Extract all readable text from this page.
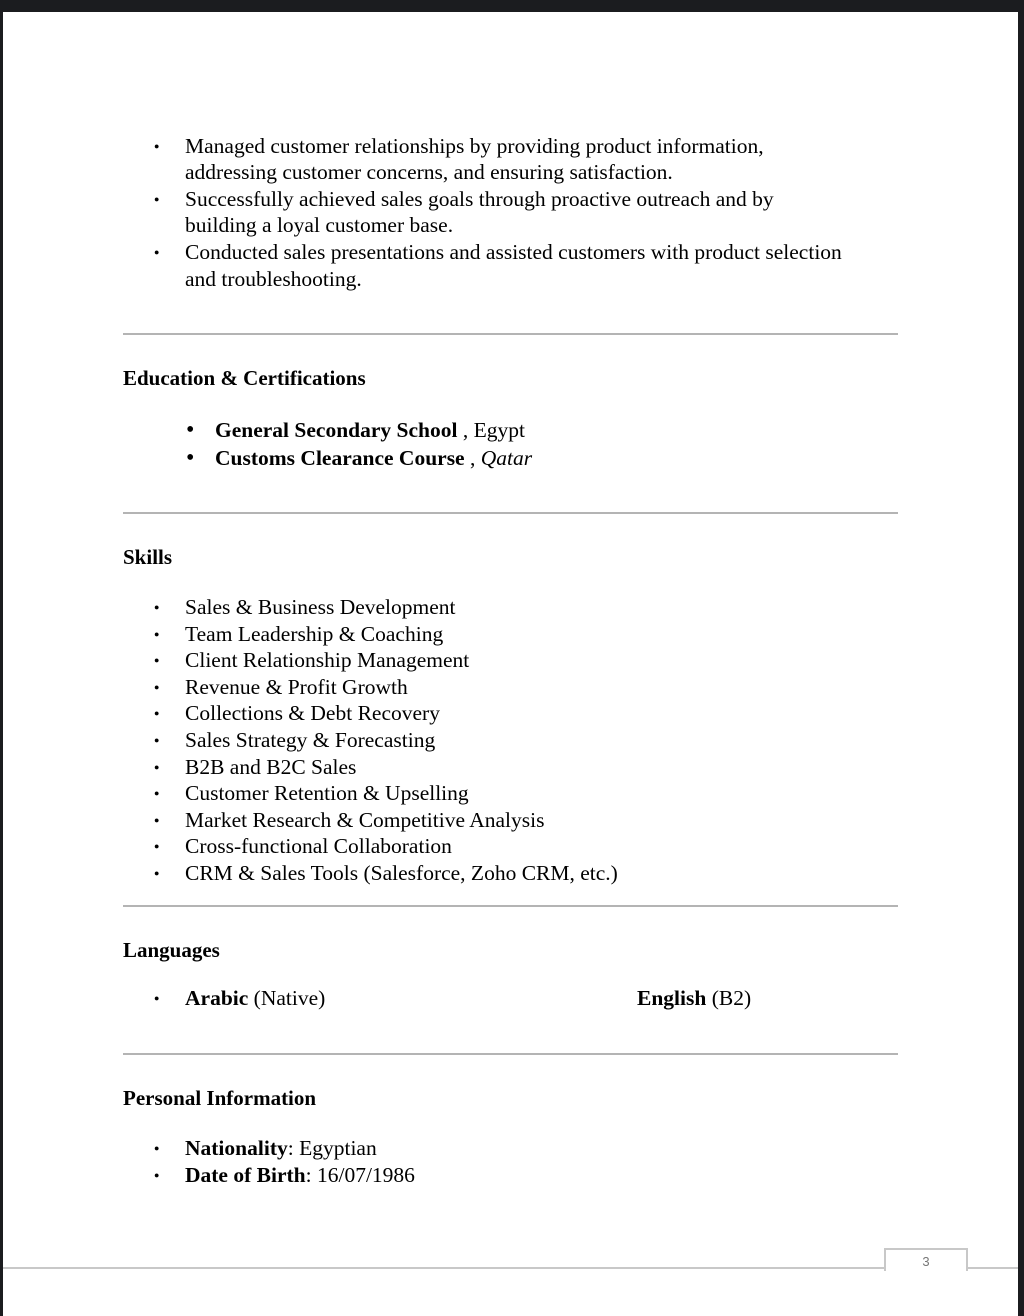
● Managed customer relationships by providing product information,
addressing customer concerns, and ensuring satisfaction.
● Successfully achieved sales goals through proactive outreach and by
building a loyal customer base.
● Conducted sales presentations and assisted customers with product selection
and troubleshooting.
Education & Certifications
• General Secondary School , Egypt
• Customs Clearance Course , Qatar
Skills
● Sales & Business Development
● Team Leadership & Coaching
● Client Relationship Management
● Revenue & Profit Growth
● Collections & Debt Recovery
● Sales Strategy & Forecasting
● B2B and B2C Sales
● Customer Retention & Upselling
● Market Research & Competitive Analysis
● Cross-functional Collaboration
● CRM & Sales Tools (Salesforce, Zoho CRM, etc.)
Languages
● Arabic (Native)	English (B2)
Personal Information
● Nationality: Egyptian
● Date of Birth: 16/07/1986
3
